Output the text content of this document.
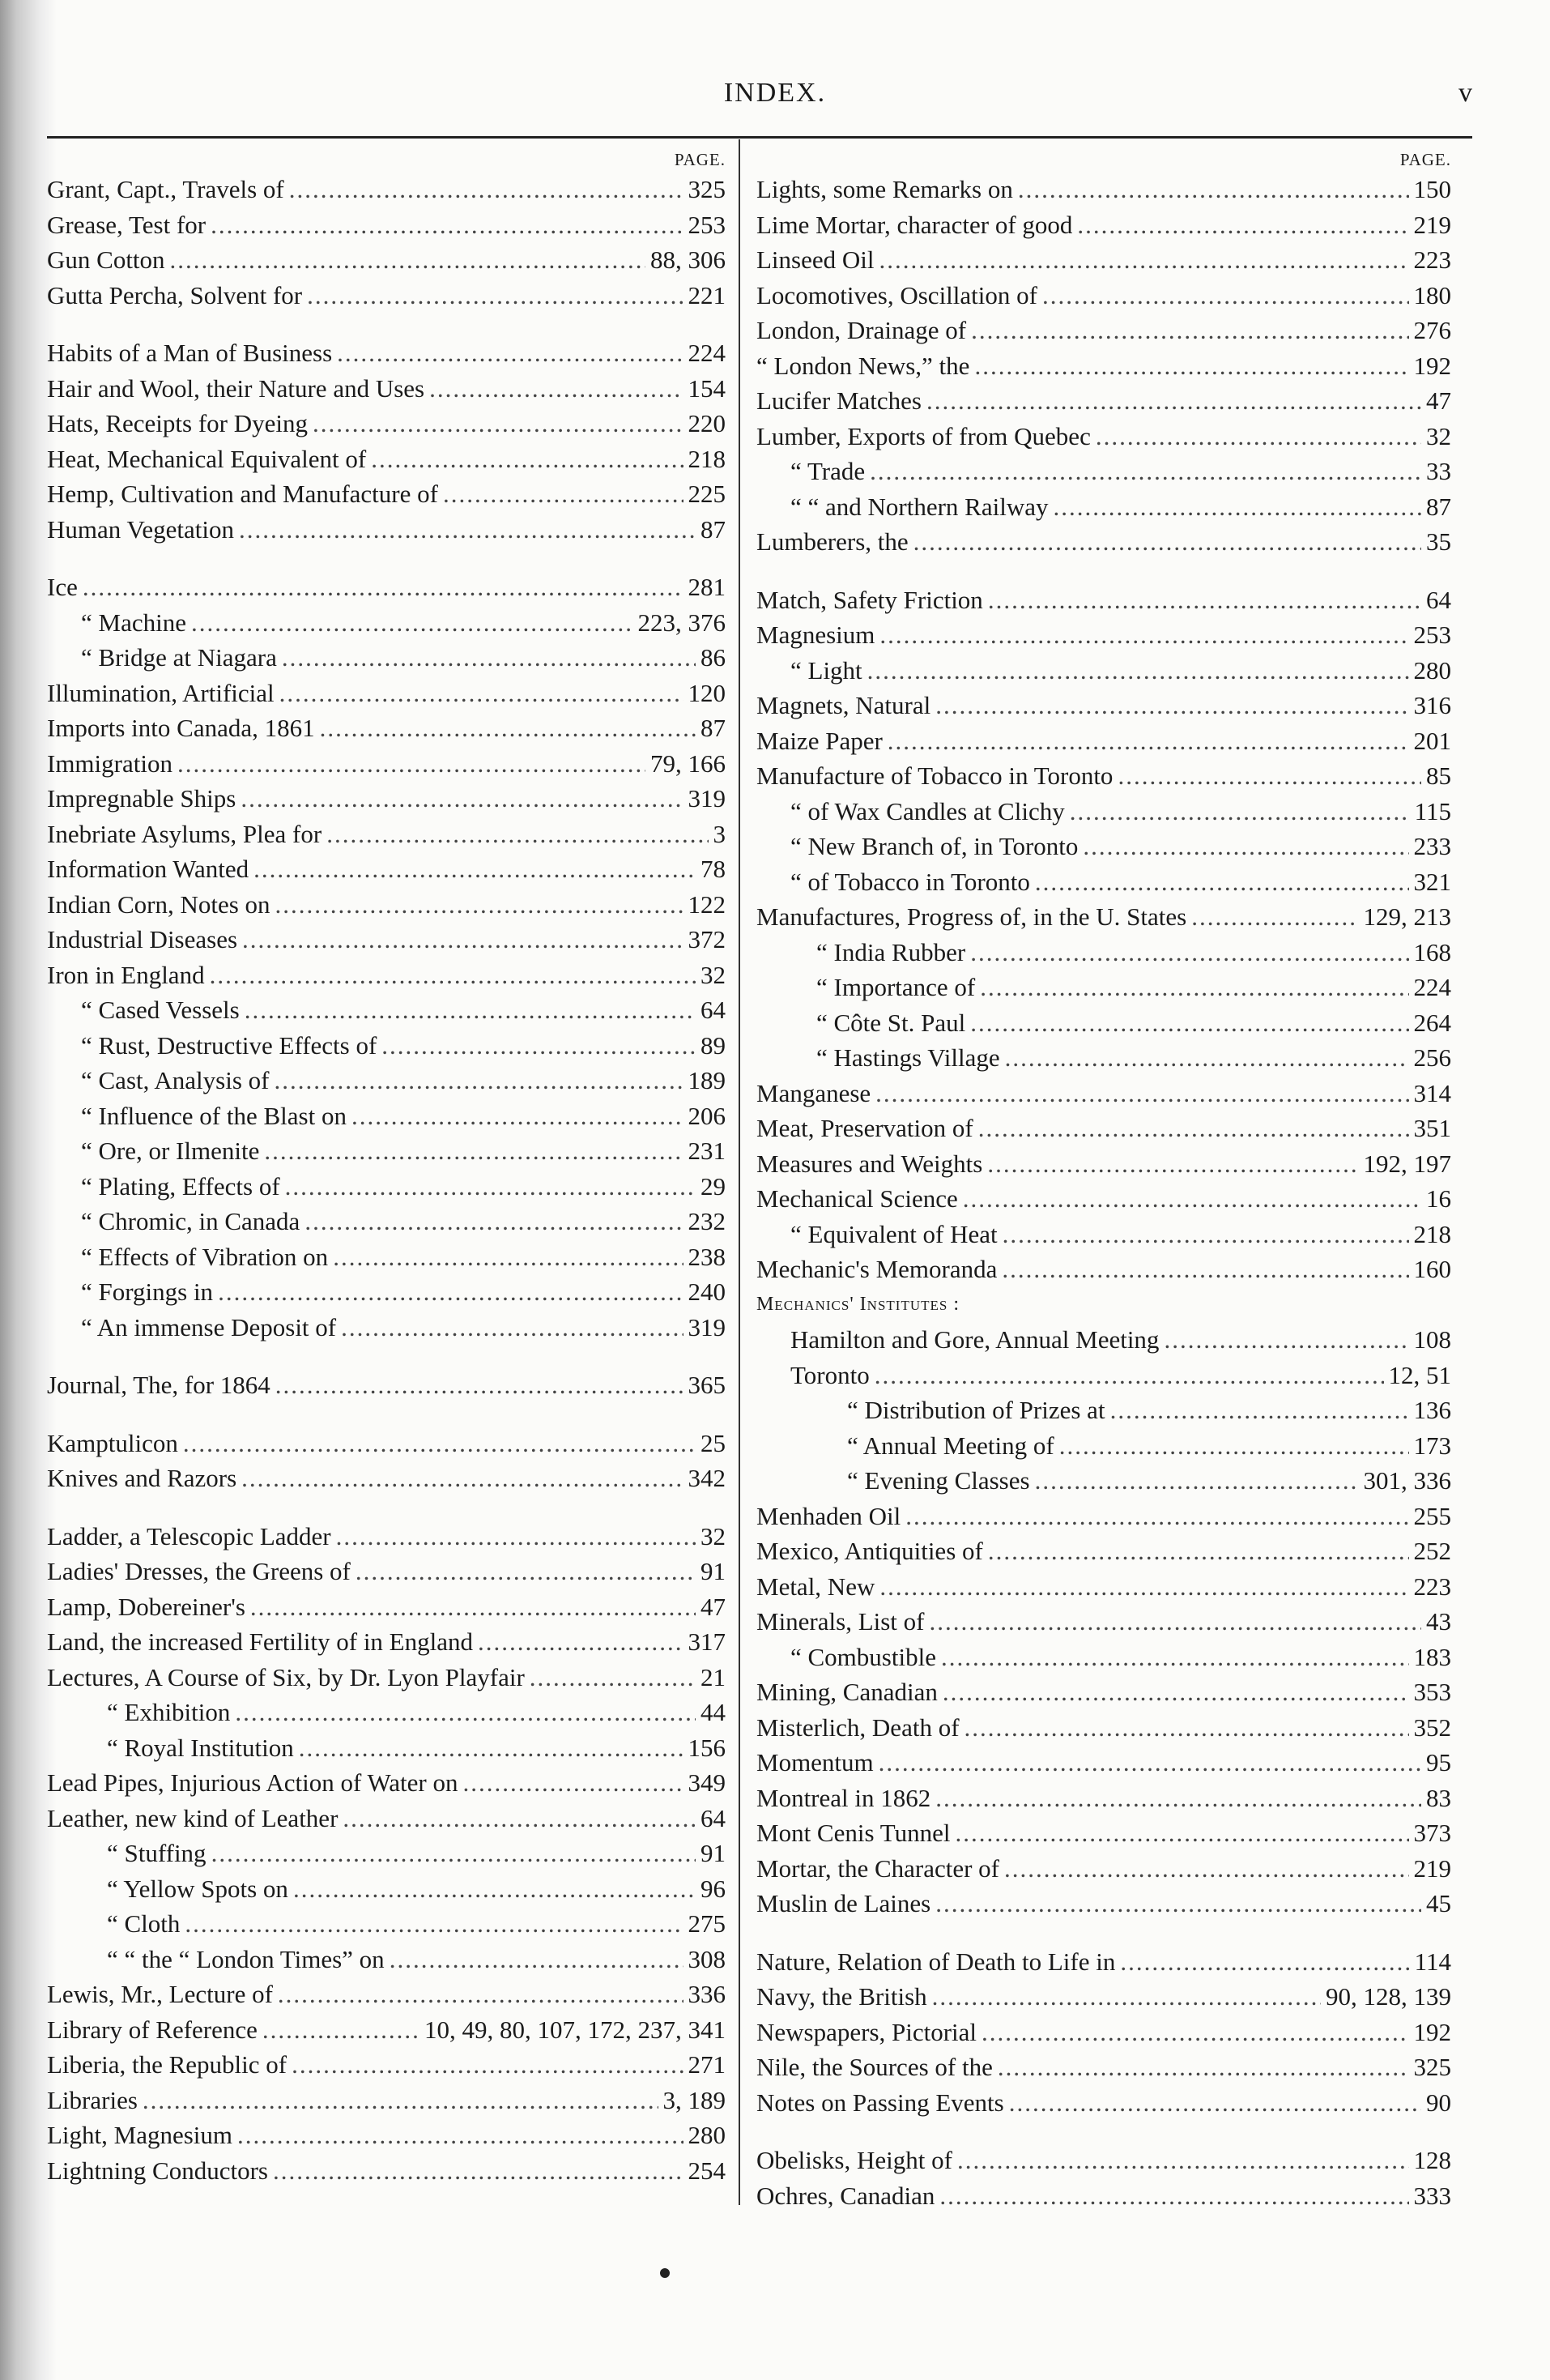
INDEX.	v
PAGE.
Grant, Capt., Travels of .....	325
Grease, Test for .....	253
Gun Cotton .....	88, 306
Gutta Percha, Solvent for .....	221
Habits of a Man of Business .....	224
Hair and Wool, their Nature and Uses .....	154
Hats, Receipts for Dyeing .....	220
Heat, Mechanical Equivalent of .....	218
Hemp, Cultivation and Manufacture of .....	225
Human Vegetation .....	87
Ice .....	281
“ Machine .....	223, 376
“ Bridge at Niagara .....	86
Illumination, Artificial .....	120
Imports into Canada, 1861 .....	87
Immigration .....	79, 166
Impregnable Ships .....	319
Inebriate Asylums, Plea for .....	3
Information Wanted .....	78
Indian Corn, Notes on .....	122
Industrial Diseases .....	372
Iron in England .....	32
“ Cased Vessels .....	64
“ Rust, Destructive Effects of .....	89
“ Cast, Analysis of .....	189
“ Influence of the Blast on .....	206
“ Ore, or Ilmenite .....	231
“ Plating, Effects of .....	29
“ Chromic, in Canada .....	232
“ Effects of Vibration on .....	238
“ Forgings in .....	240
“ An immense Deposit of .....	319
Journal, The, for 1864 .....	365
Kamptulicon .....	25
Knives and Razors .....	342
Ladder, a Telescopic Ladder .....	32
Ladies' Dresses, the Greens of .....	91
Lamp, Dobereiner's .....	47
Land, the increased Fertility of in England .....	317
Lectures, A Course of Six, by Dr. Lyon Playfair .....	21
“ Exhibition .....	44
“ Royal Institution .....	156
Lead Pipes, Injurious Action of Water on .....	349
Leather, new kind of Leather .....	64
“ Stuffing .....	91
“ Yellow Spots on .....	96
“ Cloth .....	275
“ “ the “ London Times” on .....	308
Lewis, Mr., Lecture of .....	336
Library of Reference .....	10, 49, 80, 107, 172, 237, 341
Liberia, the Republic of .....	271
Libraries .....	3, 189
Light, Magnesium .....	280
Lightning Conductors .....	254
PAGE.
Lights, some Remarks on .....	150
Lime Mortar, character of good .....	219
Linseed Oil .....	223
Locomotives, Oscillation of .....	180
London, Drainage of .....	276
“ London News,” the .....	192
Lucifer Matches .....	47
Lumber, Exports of from Quebec .....	32
“ Trade .....	33
“ “ and Northern Railway .....	87
Lumberers, the .....	35
Match, Safety Friction .....	64
Magnesium .....	253
“ Light .....	280
Magnets, Natural .....	316
Maize Paper .....	201
Manufacture of Tobacco in Toronto .....	85
“ of Wax Candles at Clichy .....	115
“ New Branch of, in Toronto .....	233
“ of Tobacco in Toronto .....	321
Manufactures, Progress of, in the U. States .....	129, 213
“ India Rubber .....	168
“ Importance of .....	224
“ Côte St. Paul .....	264
“ Hastings Village .....	256
Manganese .....	314
Meat, Preservation of .....	351
Measures and Weights .....	192, 197
Mechanical Science .....	16
“ Equivalent of Heat .....	218
Mechanic's Memoranda .....	160
Mechanics' Institutes :
Hamilton and Gore, Annual Meeting .....	108
Toronto .....	12, 51
“ Distribution of Prizes at .....	136
“ Annual Meeting of .....	173
“ Evening Classes .....	301, 336
Menhaden Oil .....	255
Mexico, Antiquities of .....	252
Metal, New .....	223
Minerals, List of .....	43
“ Combustible .....	183
Mining, Canadian .....	353
Misterlich, Death of .....	352
Momentum .....	95
Montreal in 1862 .....	83
Mont Cenis Tunnel .....	373
Mortar, the Character of .....	219
Muslin de Laines .....	45
Nature, Relation of Death to Life in .....	114
Navy, the British .....	90, 128, 139
Newspapers, Pictorial .....	192
Nile, the Sources of the .....	325
Notes on Passing Events .....	90
Obelisks, Height of .....	128
Ochres, Canadian .....	333
